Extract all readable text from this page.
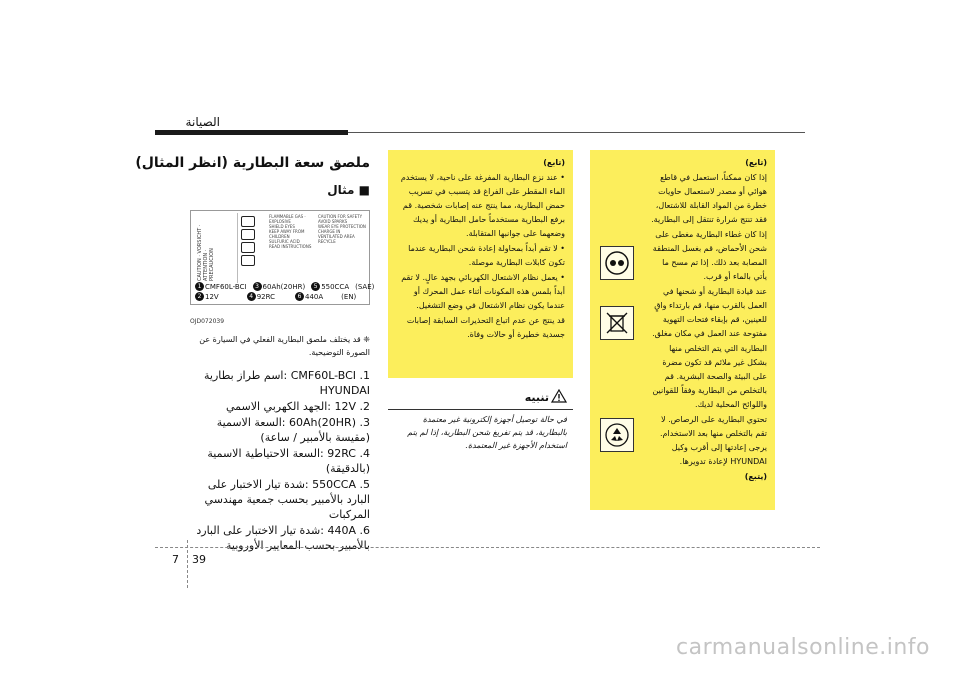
الصيانة
ملصق سعة البطارية (انظر المثال)
■ مثال
CAUTION · VORSICHT · ATTENTION · PRECAUCION
FLAMMABLE GAS · EXPLOSIVE
SHIELD EYES
KEEP AWAY FROM CHILDREN
SULFURIC ACID
READ INSTRUCTIONS
CAUTION FOR SAFETY
AVOID SPARKS
WEAR EYE PROTECTION
CHARGE IN VENTILATED AREA
RECYCLE
1 CMF60L-BCI	3 60Ah(20HR)	5 550CCA (SAE)
2 12V	4 92RC	6 440A	(EN)
OJD072039
❈ قد يختلف ملصق البطارية الفعلي في السيارة عن الصورة التوضيحية.
1. CMF60L-BCI :اسم طراز بطارية HYUNDAI
2. 12V :الجهد الكهربي الاسمي
3. 60Ah(20HR) :السعة الاسمية (مقيسة بالأمبير / ساعة)
4. 92RC :السعة الاحتياطية الاسمية (بالدقيقة)
5. 550CCA :شدة تيار الاختبار على البارد بالأمبير بحسب جمعية مهندسي المركبات
6. 440A :شدة تيار الاختبار على البارد بالأمبير بحسب المعايير الأوروبية

(تابع)

• عند نزع البطارية المفرغة على ناحية، لا يستخدم الماء المقطر على الفراغ قد يتسبب في تسريب حمض البطارية، مما ينتج عنه إصابات شخصية. قم برفع البطارية مستخدماً حامل البطارية أو يديك وضعهما على جوانبها المتقابلة.

• لا تقم أبداً بمحاولة إعادة شحن البطارية عندما تكون كابلات البطارية موصلة.

• يعمل نظام الاشتعال الكهربائي بجهد عالٍ. لا تقم أبداً بلمس هذه المكونات أثناء عمل المحرك أو عندما يكون نظام الاشتعال في وضع التشغيل.

قد ينتج عن عدم اتباع التحذيرات السابقة إصابات جسدية خطيرة أو حالات وفاة.

تنبيه
في حالة توصيل أجهزة إلكترونية غير معتمدة بالبطارية، قد يتم تفريغ شحن البطارية، إذا لم يتم استخدام الأجهزة غير المعتمدة.

(تابع)

إذا كان ممكناً، استعمل في قاطع هوائي أو مصدر لاستعمال حاويات خطرة من المواد القابلة للاشتعال، فقد تنتج شرارة تنتقل إلى البطارية.

إذا كان غطاء البطارية مغطى على شحن الأحماض، قم بغسل المنطقة المصابة بعد ذلك. إذا تم مسح ما يأتي بالماء أو قرب.

عند قيادة البطارية أو شحنها في العمل بالقرب منها، قم بارتداء واقٍ للعينين، قم بإبقاء فتحات التهوية مفتوحة عند العمل في مكان مغلق.

البطارية التي يتم التخلص منها بشكل غير ملائم قد تكون مضرة على البيئة والصحة البشرية. قم بالتخلص من البطارية وفقاً للقوانين واللوائح المحلية لديك.

تحتوي البطارية على الرصاص. لا تقم بالتخلص منها بعد الاستخدام. يرجى إعادتها إلى أقرب وكيل HYUNDAI لإعادة تدويرها.

(يتبع)

7 39
carmanualsonline.info
